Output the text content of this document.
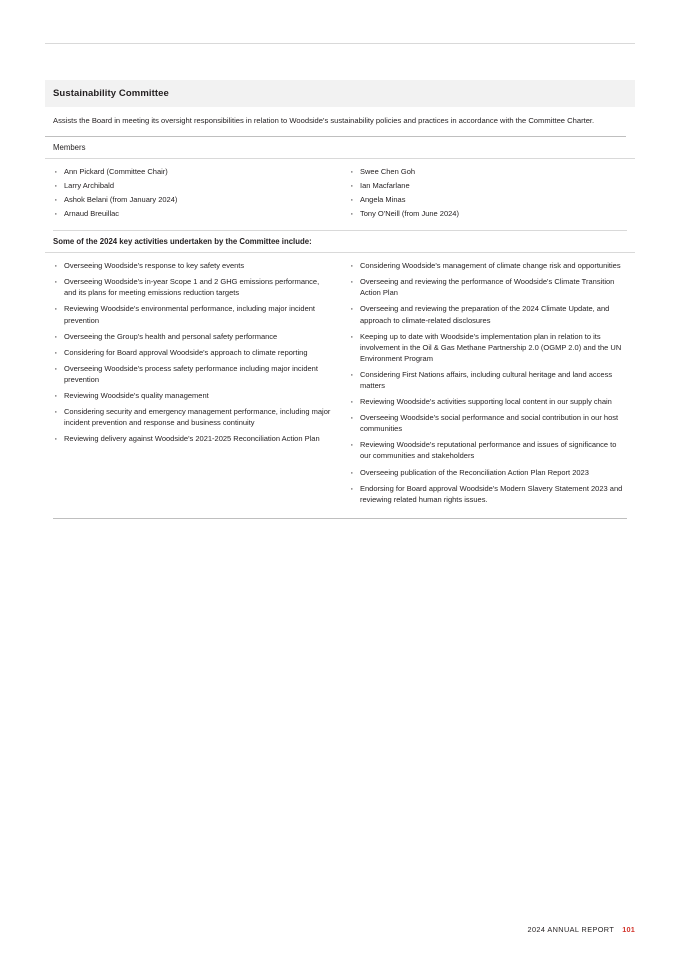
Sustainability Committee
Assists the Board in meeting its oversight responsibilities in relation to Woodside's sustainability policies and practices in accordance with the Committee Charter.
Members
· Ann Pickard (Committee Chair)
· Larry Archibald
· Ashok Belani (from January 2024)
· Arnaud Breuillac
· Swee Chen Goh
· Ian Macfarlane
· Angela Minas
· Tony O'Neill (from June 2024)
Some of the 2024 key activities undertaken by the Committee include:
· Overseeing Woodside's response to key safety events
· Overseeing Woodside's in-year Scope 1 and 2 GHG emissions performance, and its plans for meeting emissions reduction targets
· Reviewing Woodside's environmental performance, including major incident prevention
· Overseeing the Group's health and personal safety performance
· Considering for Board approval Woodside's approach to climate reporting
· Overseeing Woodside's process safety performance including major incident prevention
· Reviewing Woodside's quality management
· Considering security and emergency management performance, including major incident prevention and response and business continuity
· Reviewing delivery against Woodside's 2021-2025 Reconciliation Action Plan
· Considering Woodside's management of climate change risk and opportunities
· Overseeing and reviewing the performance of Woodside's Climate Transition Action Plan
· Overseeing and reviewing the preparation of the 2024 Climate Update, and approach to climate-related disclosures
· Keeping up to date with Woodside's implementation plan in relation to its involvement in the Oil & Gas Methane Partnership 2.0 (OGMP 2.0) and the UN Environment Program
· Considering First Nations affairs, including cultural heritage and land access matters
· Reviewing Woodside's activities supporting local content in our supply chain
· Overseeing Woodside's social performance and social contribution in our host communities
· Reviewing Woodside's reputational performance and issues of significance to our communities and stakeholders
· Overseeing publication of the Reconciliation Action Plan Report 2023
· Endorsing for Board approval Woodside's Modern Slavery Statement 2023 and reviewing related human rights issues.
2024 ANNUAL REPORT 101
